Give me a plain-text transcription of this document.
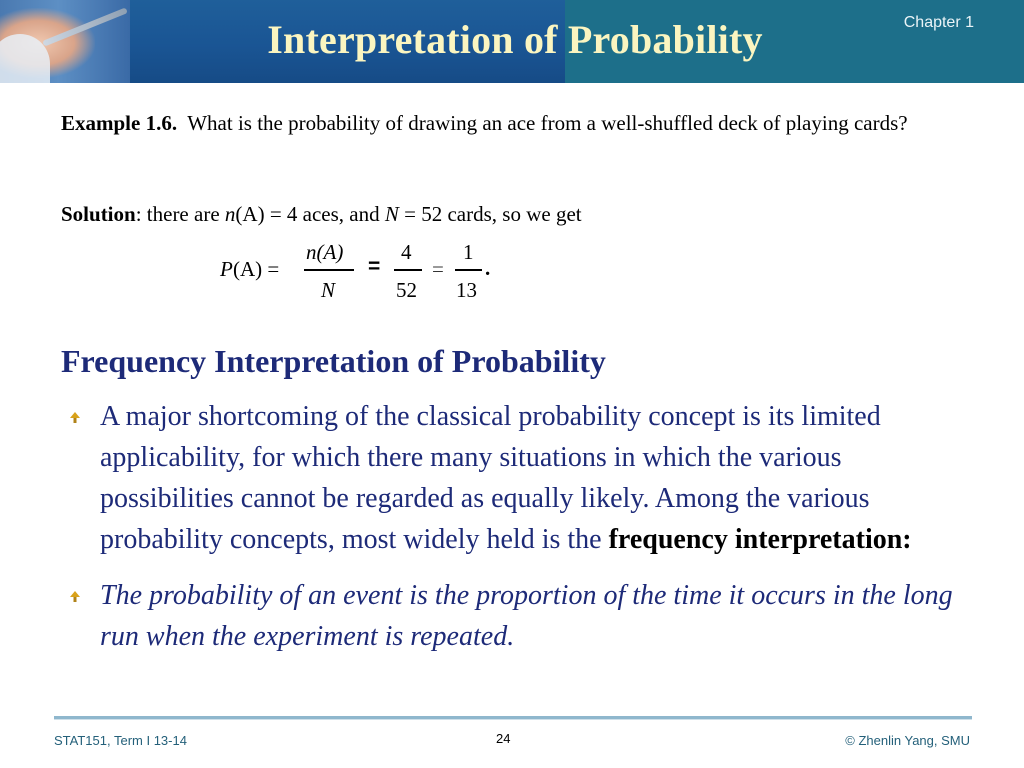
Interpretation of Probability	Chapter 1
Example 1.6. What is the probability of drawing an ace from a well-shuffled deck of playing cards?
Solution: there are n(A) = 4 aces, and N = 52 cards, so we get
P (A) =
n(A)
N
=
4
52
=
1
13
.
Frequency Interpretation of Probability
A major shortcoming of the classical probability concept is its limited applicability, for which there many situations in which the various possibilities cannot be regarded as equally likely. Among the various probability concepts, most widely held is the frequency interpretation:
The probability of an event is the proportion of the time it occurs in the long run when the experiment is repeated.
STAT151, Term I 13-14	24	© Zhenlin Yang, SMU
